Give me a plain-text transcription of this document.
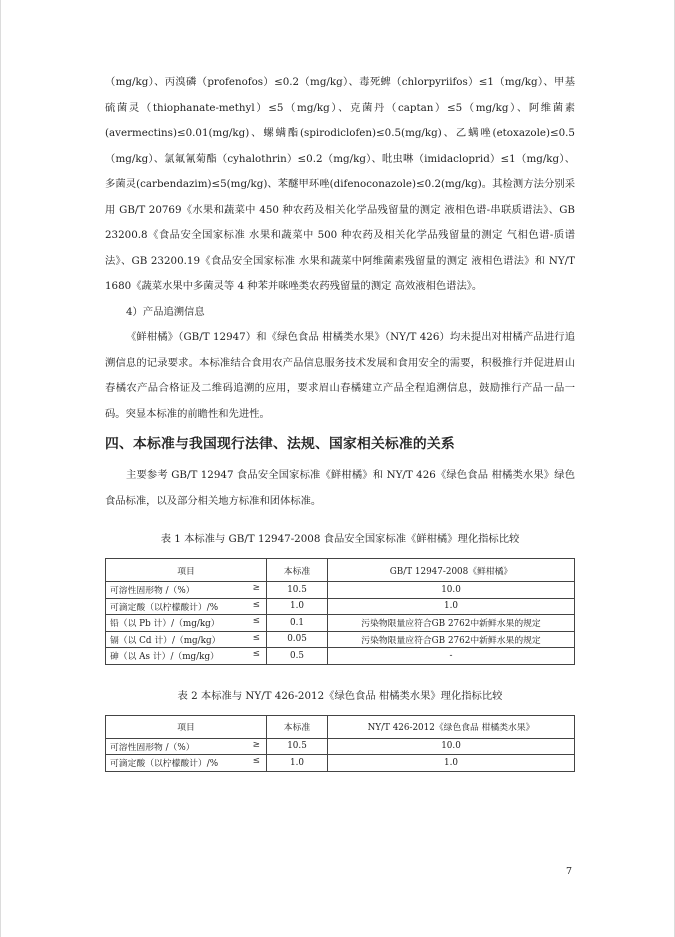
（mg/kg）、丙溴磷（profenofos）≤0.2（mg/kg）、毒死蜱（chlorpyriifos）≤1（mg/kg）、甲基硫菌灵（thiophanate-methyl）≤5（mg/kg）、克菌丹（captan）≤5（mg/kg）、阿维菌素(avermectins)≤0.01(mg/kg)、螺螨酯(spirodiclofen)≤0.5(mg/kg)、乙螨唑(etoxazole)≤0.5（mg/kg）、氯氟氰菊酯（cyhalothrin）≤0.2（mg/kg）、吡虫啉（imidacloprid）≤1（mg/kg）、多菌灵(carbendazim)≤5(mg/kg)、苯醚甲环唑(difenoconazole)≤0.2(mg/kg)。其检测方法分别采用 GB/T 20769《水果和蔬菜中 450 种农药及相关化学品残留量的测定 液相色谱-串联质谱法》、GB 23200.8《食品安全国家标准 水果和蔬菜中 500 种农药及相关化学品残留量的测定 气相色谱-质谱法》、GB 23200.19《食品安全国家标准 水果和蔬菜中阿维菌素残留量的测定 液相色谱法》和 NY/T 1680《蔬菜水果中多菌灵等 4 种苯并咪唑类农药残留量的测定 高效液相色谱法》。

4）产品追溯信息

《鲜柑橘》（GB/T 12947）和《绿色食品 柑橘类水果》（NY/T 426）均未提出对柑橘产品进行追溯信息的记录要求。本标准结合食用农产品信息服务技术发展和食用安全的需要，积极推行并促进眉山春橘农产品合格证及二维码追溯的应用，要求眉山春橘建立产品全程追溯信息，鼓励推行产品一品一码。突显本标准的前瞻性和先进性。

四、本标准与我国现行法律、法规、国家相关标准的关系

主要参考 GB/T 12947 食品安全国家标准《鲜柑橘》和 NY/T 426《绿色食品 柑橘类水果》绿色食品标准，以及部分相关地方标准和团体标准。

表 1 本标准与 GB/T 12947-2008 食品安全国家标准《鲜柑橘》理化指标比较
项目	本标准	GB/T 12947-2008《鲜柑橘》

可溶性固形物 /（%） ≥	10.5	10.0

可滴定酸（以柠檬酸计）/% ≤	1.0	1.0

铅（以 Pb 计）/（mg/kg） ≤	0.1	污染物限量应符合GB 2762中新鲜水果的规定

镉（以 Cd 计）/（mg/kg） ≤	0.05	污染物限量应符合GB 2762中新鲜水果的规定

砷（以 As 计）/（mg/kg） ≤	0.5	-
表 2 本标准与 NY/T 426-2012《绿色食品 柑橘类水果》理化指标比较
项目	本标准	NY/T 426-2012《绿色食品 柑橘类水果》

可溶性固形物 /（%） ≥	10.5	10.0

可滴定酸（以柠檬酸计）/% ≤	1.0	1.0
7
